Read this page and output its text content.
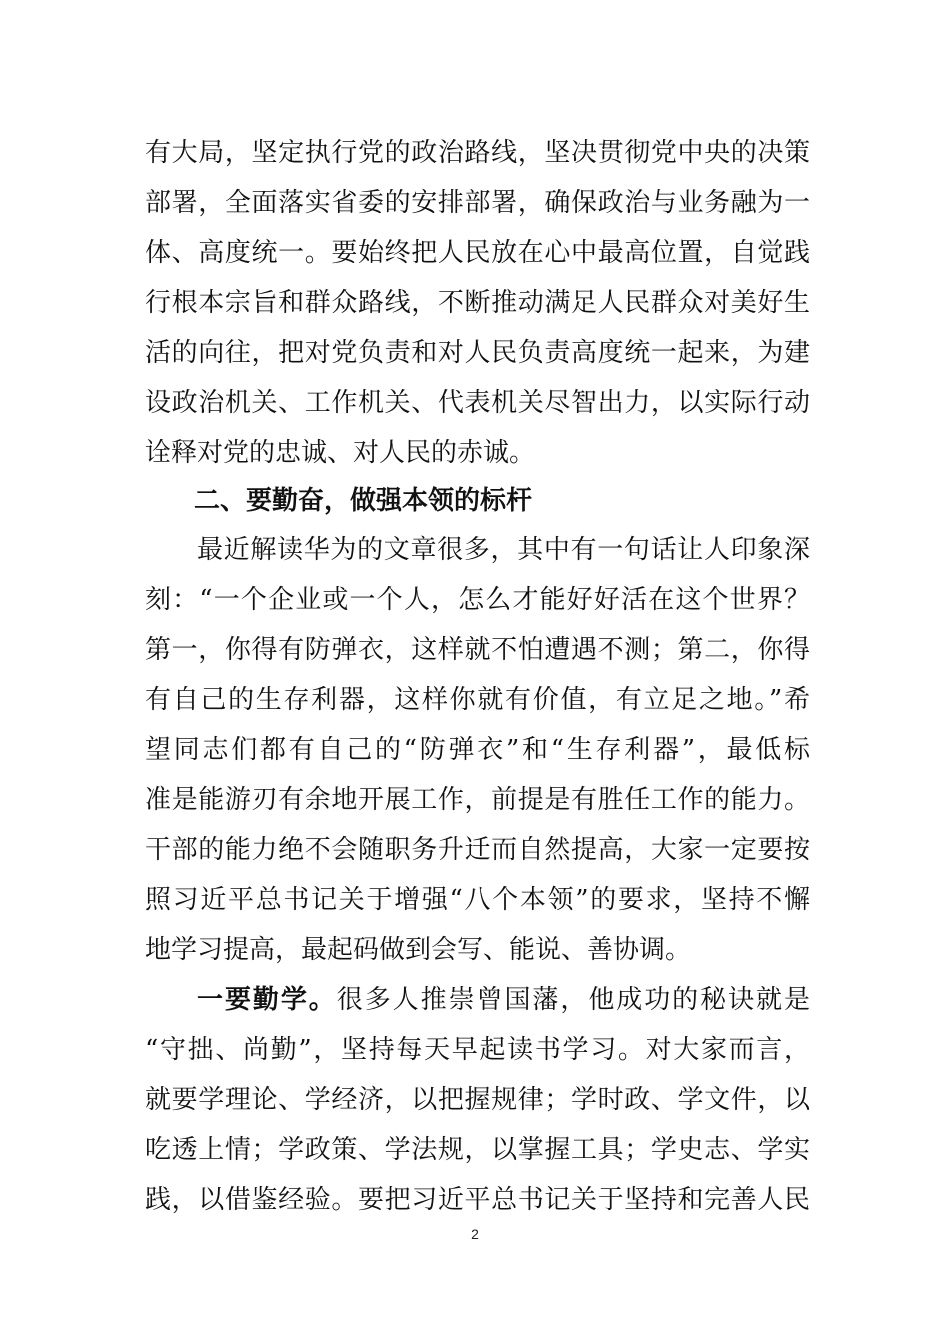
有大局，坚定执行党的政治路线，坚决贯彻党中央的决策
部署，全面落实省委的安排部署，确保政治与业务融为一
体、高度统一。要始终把人民放在心中最高位置，自觉践
行根本宗旨和群众路线，不断推动满足人民群众对美好生
活的向往，把对党负责和对人民负责高度统一起来，为建
设政治机关、工作机关、代表机关尽智出力，以实际行动
诠释对党的忠诚、对人民的赤诚。
二、要勤奋，做强本领的标杆
最近解读华为的文章很多，其中有一句话让人印象深
刻：“一个企业或一个人，怎么才能好好活在这个世界？
第一，你得有防弹衣，这样就不怕遭遇不测；第二，你得
有自己的生存利器，这样你就有价值，有立足之地。”希
望同志们都有自己的“防弹衣”和“生存利器”，最低标
准是能游刃有余地开展工作，前提是有胜任工作的能力。
干部的能力绝不会随职务升迁而自然提高，大家一定要按
照习近平总书记关于增强“八个本领”的要求，坚持不懈
地学习提高，最起码做到会写、能说、善协调。
一要勤学。很多人推崇曾国藩，他成功的秘诀就是
“守拙、尚勤”，坚持每天早起读书学习。对大家而言，
就要学理论、学经济，以把握规律；学时政、学文件，以
吃透上情；学政策、学法规，以掌握工具；学史志、学实
践，以借鉴经验。要把习近平总书记关于坚持和完善人民
2
